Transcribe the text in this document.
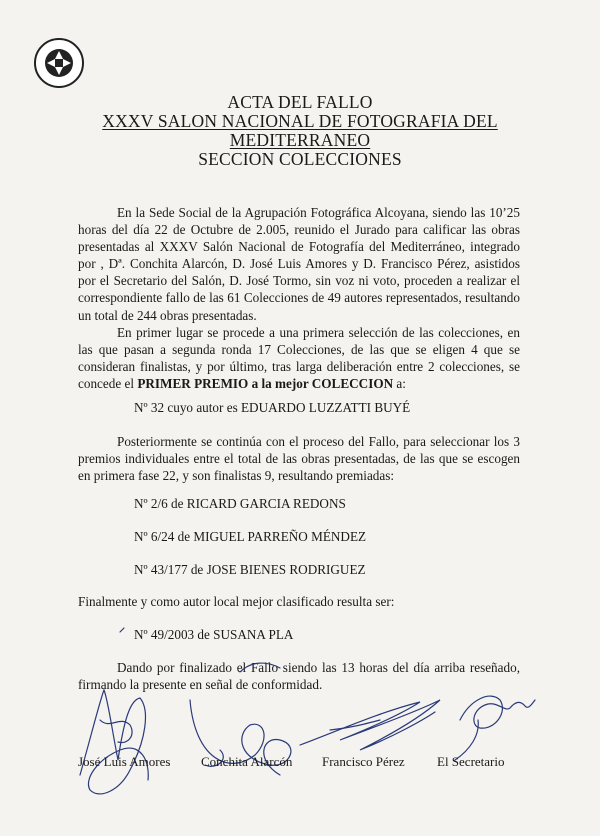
ACTA DEL FALLO
XXXV SALON NACIONAL DE FOTOGRAFIA DEL
MEDITERRANEO
SECCION COLECCIONES
En la Sede Social de la Agrupación Fotográfica Alcoyana, siendo las 10’25 horas del día 22 de Octubre de 2.005, reunido el Jurado para calificar las obras presentadas al XXXV Salón Nacional de Fotografía del Mediterráneo, integrado por , Dª. Conchita Alarcón, D. José Luis Amores y D. Francisco Pérez, asistidos por el Secretario del Salón, D. José Tormo, sin voz ni voto, proceden a realizar el correspondiente fallo de las 61 Colecciones de 49 autores representados, resultando un total de 244 obras presentadas.
En primer lugar se procede a una primera selección de las colecciones, en las que pasan a segunda ronda 17 Colecciones, de las que se eligen 4 que se consideran finalistas, y por último, tras larga deliberación entre 2 colecciones, se concede el PRIMER PREMIO a la mejor COLECCION a:
Nº 32 cuyo autor es EDUARDO LUZZATTI BUYÉ
Posteriormente se continúa con el proceso del Fallo, para seleccionar los 3 premios individuales entre el total de las obras presentadas, de las que se escogen en primera fase 22, y son finalistas 9, resultando premiadas:
Nº 2/6 de RICARD GARCIA REDONS
Nº 6/24 de MIGUEL PARREÑO MÉNDEZ
Nº 43/177 de JOSE BIENES RODRIGUEZ
Finalmente y como autor local mejor clasificado resulta ser:
Nº 49/2003 de SUSANA PLA
Dando por finalizado el Fallo siendo las 13 horas del día arriba reseñado, firmando la presente en señal de conformidad.
José Luis Amores Conchita Alarcón Francisco Pérez El Secretario
